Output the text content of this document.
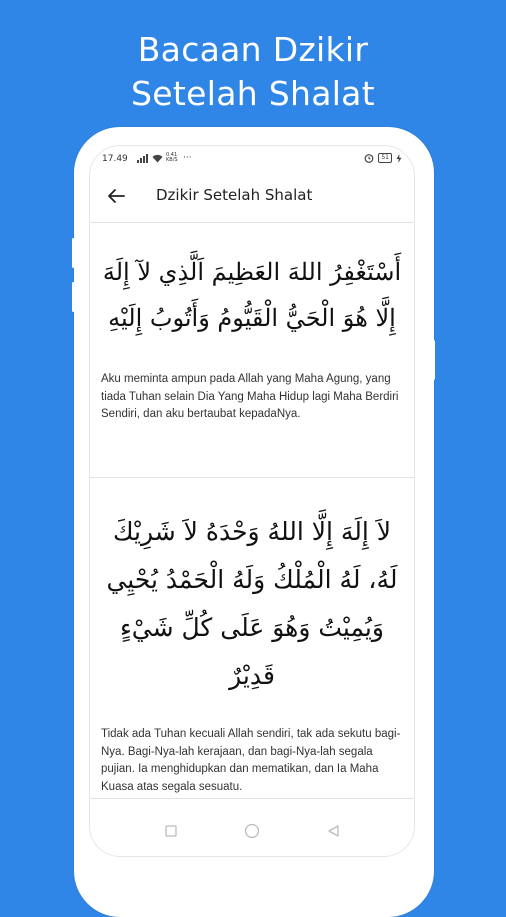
Bacaan Dzikir
Setelah Shalat
17.49	0.41 KB/S ···	51
Dzikir Setelah Shalat
أَسْتَغْفِرُ اللهَ العَظِيمَ اَلَّذِي لآ إِلَهَ إِلَّا هُوَ الْحَيُّ الْقَيُّومُ وَأَتُوبُ إِلَيْهِ
Aku meminta ampun pada Allah yang Maha Agung, yang tiada Tuhan selain Dia Yang Maha Hidup lagi Maha Berdiri Sendiri, dan aku bertaubat kepadaNya.
لاَ إِلَهَ إِلَّا اللهُ وَحْدَهُ لاَ شَرِيْكَ لَهُ، لَهُ الْمُلْكُ وَلَهُ الْحَمْدُ يُحْيِي وَيُمِيْتُ وَهُوَ عَلَى كُلِّ شَيْءٍ قَدِيْرٌ
Tidak ada Tuhan kecuali Allah sendiri, tak ada sekutu bagi-Nya. Bagi-Nya-lah kerajaan, dan bagi-Nya-lah segala pujian. Ia menghidupkan dan mematikan, dan Ia Maha Kuasa atas segala sesuatu.
